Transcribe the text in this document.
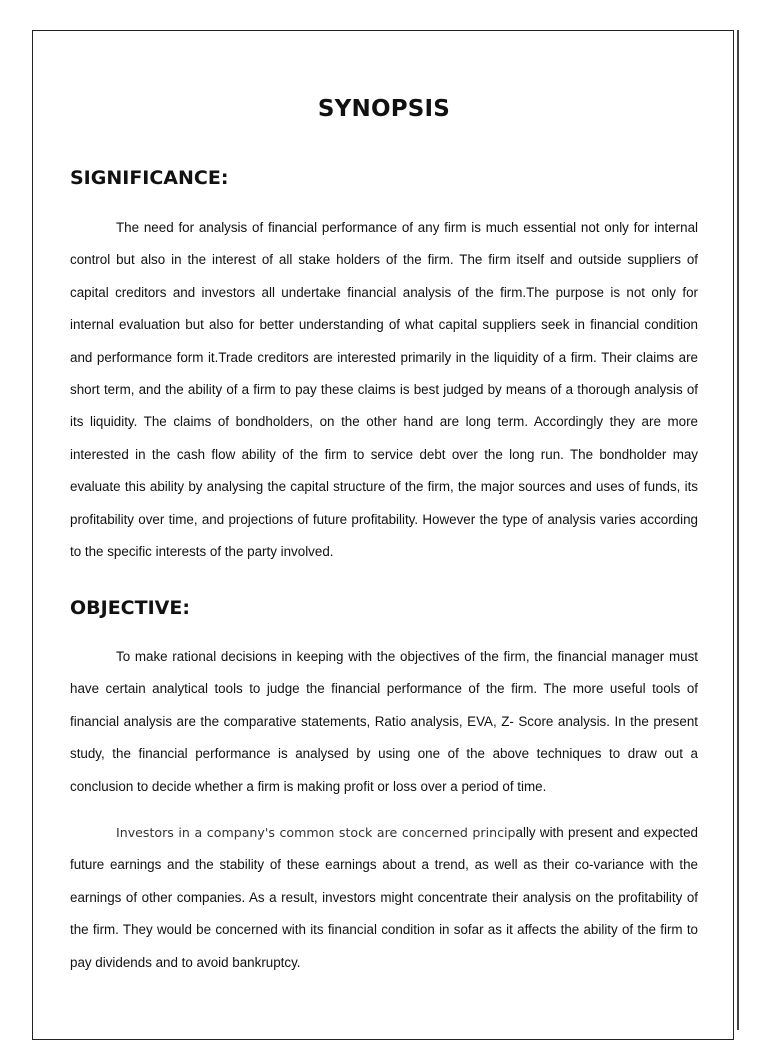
SYNOPSIS
SIGNIFICANCE:
The need for analysis of financial performance of any firm is much essential not only for internal control but also in the interest of all stake holders of the firm. The firm itself and outside suppliers of capital creditors and investors all undertake financial analysis of the firm.The purpose is not only for internal evaluation but also for better understanding of what capital suppliers seek in financial condition and performance form it.Trade creditors are interested primarily in the liquidity of a firm. Their claims are short term, and the ability of a firm to pay these claims is best judged by means of a thorough analysis of its liquidity. The claims of bondholders, on the other hand are long term. Accordingly they are more interested in the cash flow ability of the firm to service debt over the long run. The bondholder may evaluate this ability by analysing the capital structure of the firm, the major sources and uses of funds, its profitability over time, and projections of future profitability. However the type of analysis varies according to the specific interests of the party involved.
OBJECTIVE:
To make rational decisions in keeping with the objectives of the firm, the financial manager must have certain analytical tools to judge the financial performance of the firm. The more useful tools of financial analysis are the comparative statements, Ratio analysis, EVA, Z- Score analysis. In the present study, the financial performance is analysed by using one of the above techniques to draw out a conclusion to decide whether a firm is making profit or loss over a period of time.
Investors in a company's common stock are concerned principally with present and expected future earnings and the stability of these earnings about a trend, as well as their co-variance with the earnings of other companies. As a result, investors might concentrate their analysis on the profitability of the firm. They would be concerned with its financial condition in sofar as it affects the ability of the firm to pay dividends and to avoid bankruptcy.
